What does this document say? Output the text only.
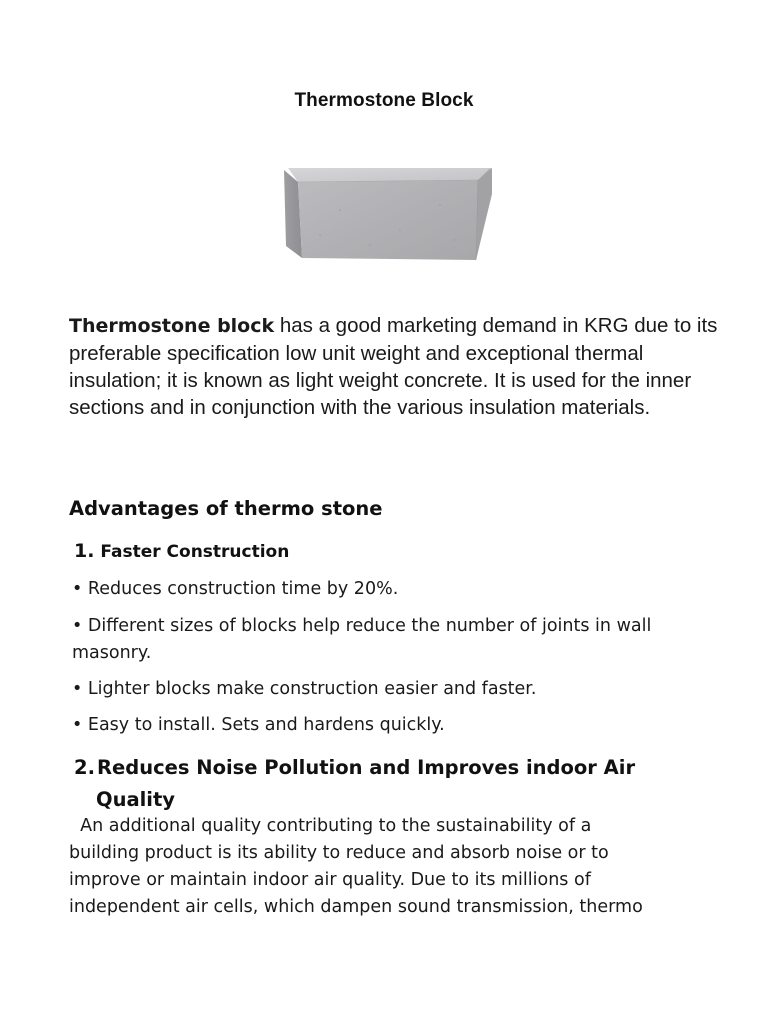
Thermostone Block
Thermostone block has a good marketing demand in KRG due to its preferable specification low unit weight and exceptional thermal insulation; it is known as light weight concrete. It is used for the inner sections and in conjunction with the various insulation materials.
Advantages of thermo stone
1. Faster Construction
• Reduces construction time by 20%.
• Different sizes of blocks help reduce the number of joints in wall masonry.
• Lighter blocks make construction easier and faster.
• Easy to install. Sets and hardens quickly.
2. Reduces Noise Pollution and Improves indoor Air
Quality
An additional quality contributing to the sustainability of a
building product is its ability to reduce and absorb noise or to
improve or maintain indoor air quality. Due to its millions of
independent air cells, which dampen sound transmission, thermo
